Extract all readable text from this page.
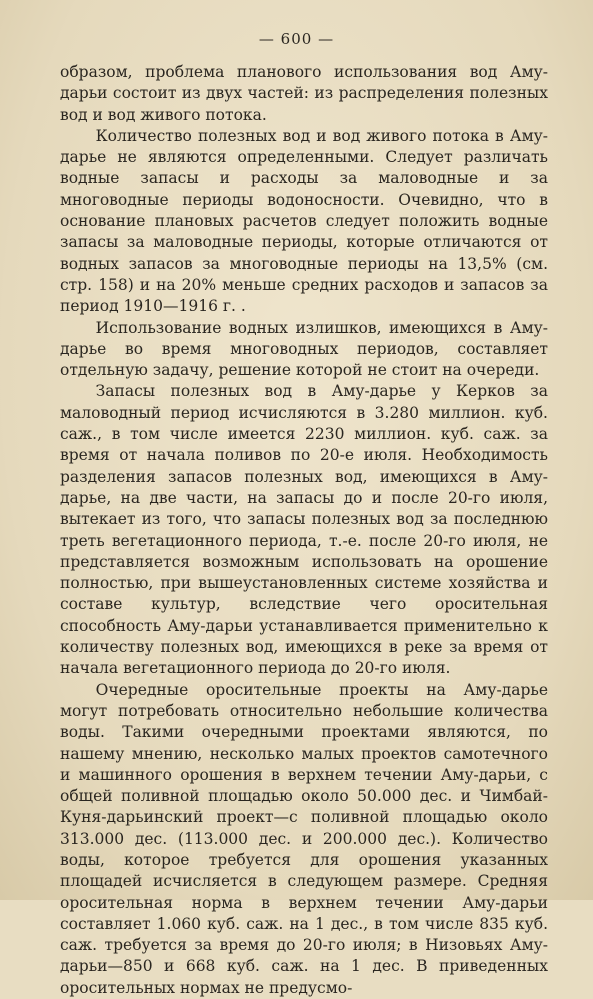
— 600 —

образом, проблема планового использования вод Аму-дарьи состоит из двух частей: из распределения полезных вод и вод живого потока.

Количество полезных вод и вод живого потока в Аму-дарье не являются определенными. Следует различать водные запасы и расходы за маловодные и за многоводные периоды водоносности. Очевидно, что в основание плановых расчетов следует положить водные запасы за маловодные периоды, которые отличаются от водных запасов за многоводные периоды на 13,5% (см. стр. 158) и на 20% меньше средних расходов и запасов за период 1910—1916 г. .

Использование водных излишков, имеющихся в Аму-дарье во время многоводных периодов, составляет отдельную задачу, решение которой не стоит на очереди.

Запасы полезных вод в Аму-дарье у Керков за маловодный период исчисляются в 3.280 миллион. куб. саж., в том числе имеется 2230 миллион. куб. саж. за время от начала поливов по 20-е июля. Необходимость разделения запасов полезных вод, имеющихся в Аму-дарье, на две части, на запасы до и после 20-го июля, вытекает из того, что запасы полезных вод за последнюю треть вегетационного периода, т.-е. после 20-го июля, не представляется возможным использовать на орошение полностью, при вышеустановленных системе хозяйства и составе культур, вследствие чего оросительная способность Аму-дарьи устанавливается применительно к количеству полезных вод, имеющихся в реке за время от начала вегетационного периода до 20-го июля.

Очередные оросительные проекты на Аму-дарье могут потребовать относительно небольшие количества воды. Такими очередными проектами являются, по нашему мнению, несколько малых проектов самотечного и машинного орошения в верхнем течении Аму-дарьи, с общей поливной площадью около 50.000 дес. и Чимбай-Куня-дарьинский проект—с поливной площадью около 313.000 дес. (113.000 дес. и 200.000 дес.). Количество воды, которое требуется для орошения указанных площадей исчисляется в следующем размере. Средняя оросительная норма в верхнем течении Аму-дарьи составляет 1.060 куб. саж. на 1 дес., в том числе 835 куб. саж. требуется за время до 20-го июля; в Низовьях Аму-дарьи—850 и 668 куб. саж. на 1 дес. В приведенных оросительных нормах не предусмо-
